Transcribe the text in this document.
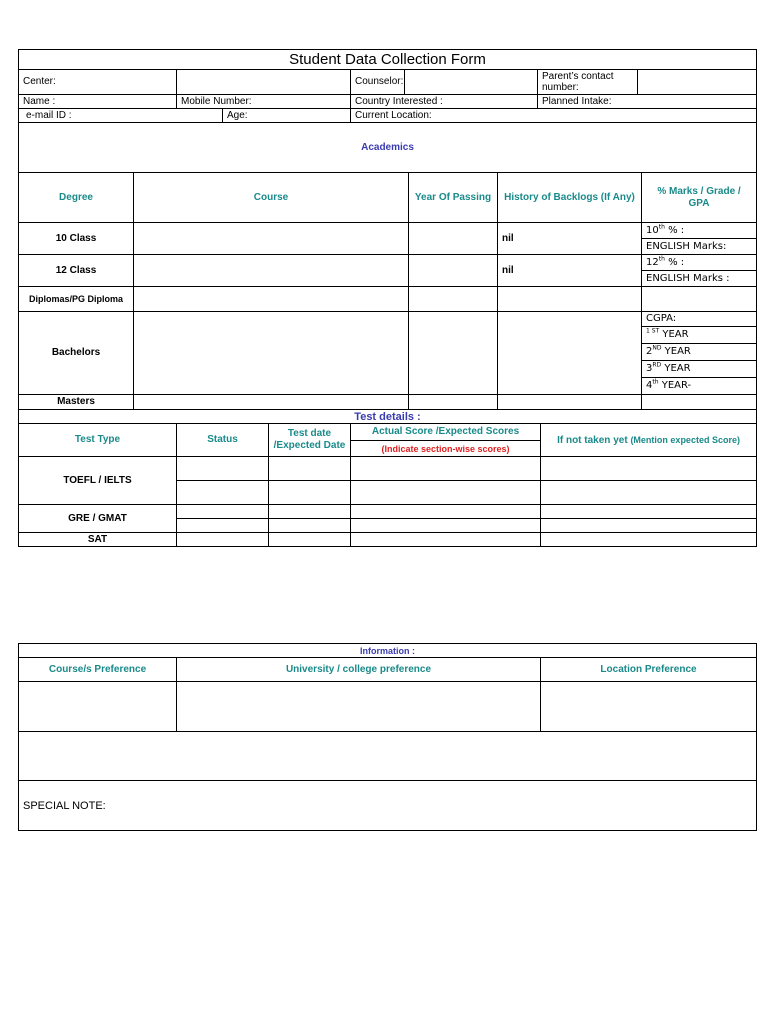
Student Data Collection Form						
Center:			Counselor:		Parent’s contact number:	
Name :	Mobile Number:		Country Interested :		Planned Intake:	
e-mail ID :		Age:	Current Location:			
Academics						
Degree	Course	Year Of Passing	History of Backlogs (If Any)	% Marks / Grade / GPA
10 Class			nil	10th % :
				ENGLISH Marks:
12 Class			nil	12th % :
				ENGLISH Marks :
Diplomas/PG Diploma				
Bachelors				CGPA:
				$^{1 ST}$ YEAR
				2ND YEAR
				3RD YEAR
				4th YEAR-
Masters				
Test details :				
Test Type	Status	Test date /Expected Date	Actual Score /Expected Scores	If not taken yet (Mention expected Score)
			(Indicate section-wise scores)	
TOEFL / IELTS				

GRE / GMAT				

SAT				
Information :		
Course/s Preference	University / college preference	Location Preference

SPECIAL NOTE:		
